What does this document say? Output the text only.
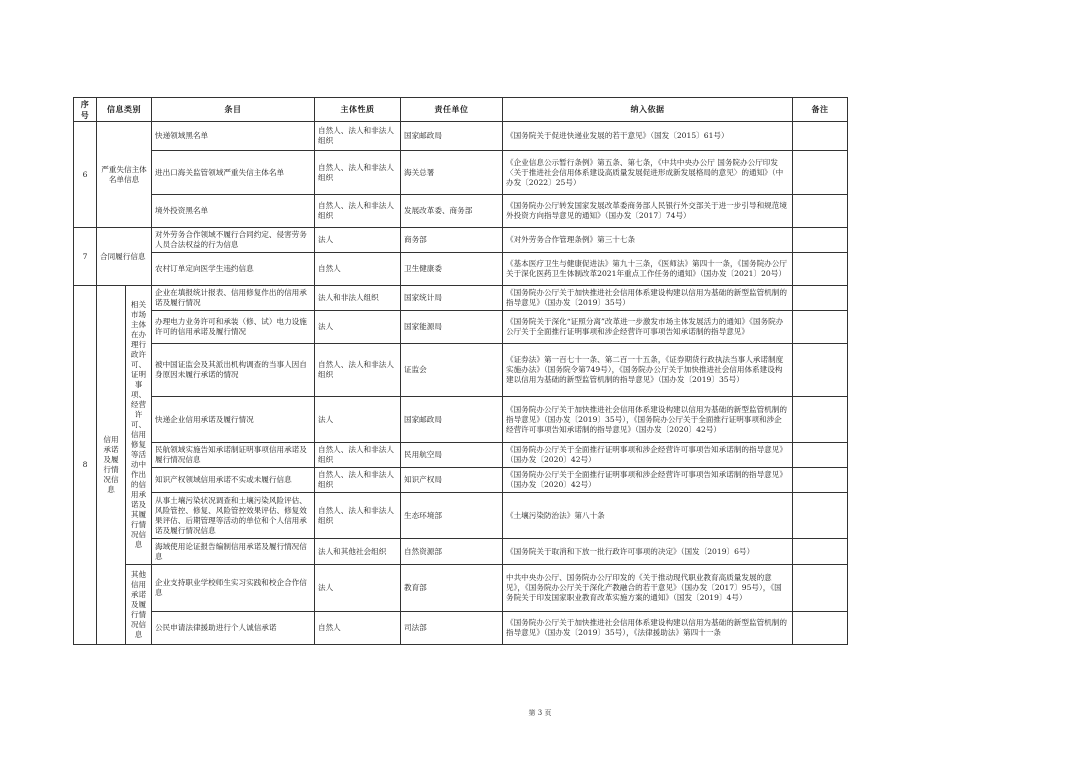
序号	信息类别		条目	主体性质	责任单位	纳入依据	备注
6	严重失信主体名单信息		快递领域黑名单	自然人、法人和非法人组织	国家邮政局	《国务院关于促进快递业发展的若干意见》（国发〔2015〕61号）	
			进出口海关监管领域严重失信主体名单	自然人、法人和非法人组织	海关总署	《企业信息公示暂行条例》第五条、第七条，《中共中央办公厅 国务院办公厅印发〈关于推进社会信用体系建设高质量发展促进形成新发展格局的意见〉的通知》（中办发〔2022〕25号）	
			境外投资黑名单	自然人、法人和非法人组织	发展改革委、商务部	《国务院办公厅转发国家发展改革委商务部人民银行外交部关于进一步引导和规范境外投资方向指导意见的通知》（国办发〔2017〕74号）	
7	合同履行信息		对外劳务合作领域不履行合同约定、侵害劳务人员合法权益的行为信息	法人	商务部	《对外劳务合作管理条例》第三十七条	
			农村订单定向医学生违约信息	自然人	卫生健康委	《基本医疗卫生与健康促进法》第九十三条，《医师法》第四十一条，《国务院办公厅关于深化医药卫生体制改革2021年重点工作任务的通知》（国办发〔2021〕20号）	
8	信用承诺及履行情况信息	相关市场主体在办理行政许可、证明事项、经营许可、信用修复等活动中作出的信用承诺及其履行情况信息	企业在填报统计报表、信用修复作出的信用承诺及履行情况	法人和非法人组织	国家统计局	《国务院办公厅关于加快推进社会信用体系建设构建以信用为基础的新型监管机制的指导意见》（国办发〔2019〕35号）	
			办理电力业务许可和承装（修、试）电力设施许可的信用承诺及履行情况	法人	国家能源局	《国务院关于深化“证照分离”改革进一步激发市场主体发展活力的通知》《国务院办公厅关于全面推行证明事项和涉企经营许可事项告知承诺制的指导意见》	
			被中国证监会及其派出机构调查的当事人因自身原因未履行承诺的情况	自然人、法人和非法人组织	证监会	《证券法》第一百七十一条、第二百一十五条，《证券期货行政执法当事人承诺制度实施办法》（国务院令第749号），《国务院办公厅关于加快推进社会信用体系建设构建以信用为基础的新型监管机制的指导意见》（国办发〔2019〕35号）	
			快递企业信用承诺及履行情况	法人	国家邮政局	《国务院办公厅关于加快推进社会信用体系建设构建以信用为基础的新型监管机制的指导意见》（国办发〔2019〕35号），《国务院办公厅关于全面推行证明事项和涉企经营许可事项告知承诺制的指导意见》（国办发〔2020〕42号）	
			民航领域实施告知承诺制证明事项信用承诺及履行情况信息	自然人、法人和非法人组织	民用航空局	《国务院办公厅关于全面推行证明事项和涉企经营许可事项告知承诺制的指导意见》（国办发〔2020〕42号）	
			知识产权领域信用承诺不实或未履行信息	自然人、法人和非法人组织	知识产权局	《国务院办公厅关于全面推行证明事项和涉企经营许可事项告知承诺制的指导意见》（国办发〔2020〕42号）	
			从事土壤污染状况调查和土壤污染风险评估、风险管控、修复、风险管控效果评估、修复效果评估、后期管理等活动的单位和个人信用承诺及履行情况信息	自然人、法人和非法人组织	生态环境部	《土壤污染防治法》第八十条	
			海域使用论证报告编制信用承诺及履行情况信息	法人和其他社会组织	自然资源部	《国务院关于取消和下放一批行政许可事项的决定》（国发〔2019〕6号）	
		其他信用承诺及履行情况信息	企业支持职业学校师生实习实践和校企合作信息	法人	教育部	中共中央办公厅、国务院办公厅印发的《关于推动现代职业教育高质量发展的意见》，《国务院办公厅关于深化产教融合的若干意见》（国办发〔2017〕95号），《国务院关于印发国家职业教育改革实施方案的通知》（国发〔2019〕4号）	
			公民申请法律援助进行个人诚信承诺	自然人	司法部	《国务院办公厅关于加快推进社会信用体系建设构建以信用为基础的新型监管机制的指导意见》（国办发〔2019〕35号），《法律援助法》第四十一条	
第 3 页
